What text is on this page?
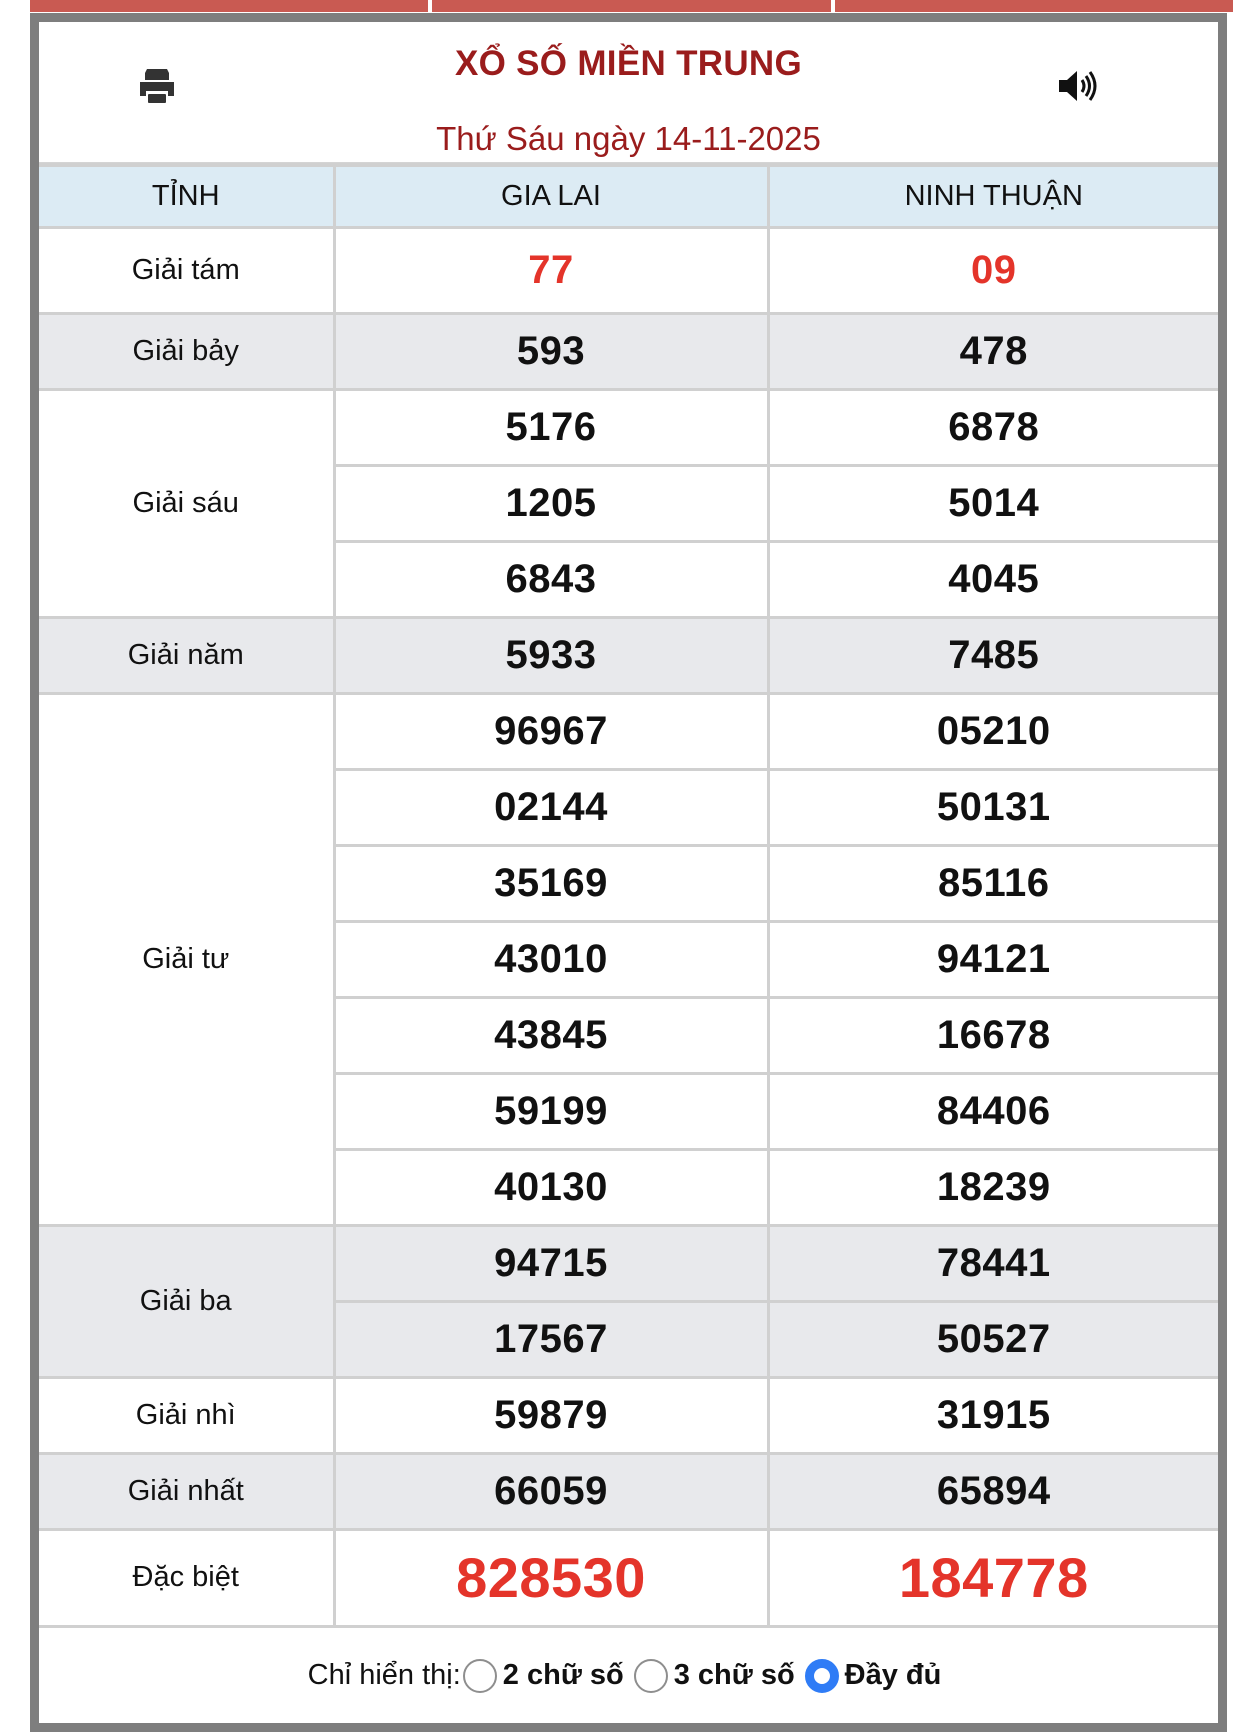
XỔ SỐ MIỀN TRUNG
Thứ Sáu ngày 14-11-2025
TỈNH	GIA LAI	NINH THUẬN
Giải tám	77	09
Giải bảy	593	478
Giải sáu	5176	6878
	1205	5014
	6843	4045
Giải năm	5933	7485
Giải tư	96967	05210
	02144	50131
	35169	85116
	43010	94121
	43845	16678
	59199	84406
	40130	18239
Giải ba	94715	78441
	17567	50527
Giải nhì	59879	31915
Giải nhất	66059	65894
Đặc biệt	828530	184778
Chỉ hiển thị: 2 chữ số 3 chữ số Đầy đủ
